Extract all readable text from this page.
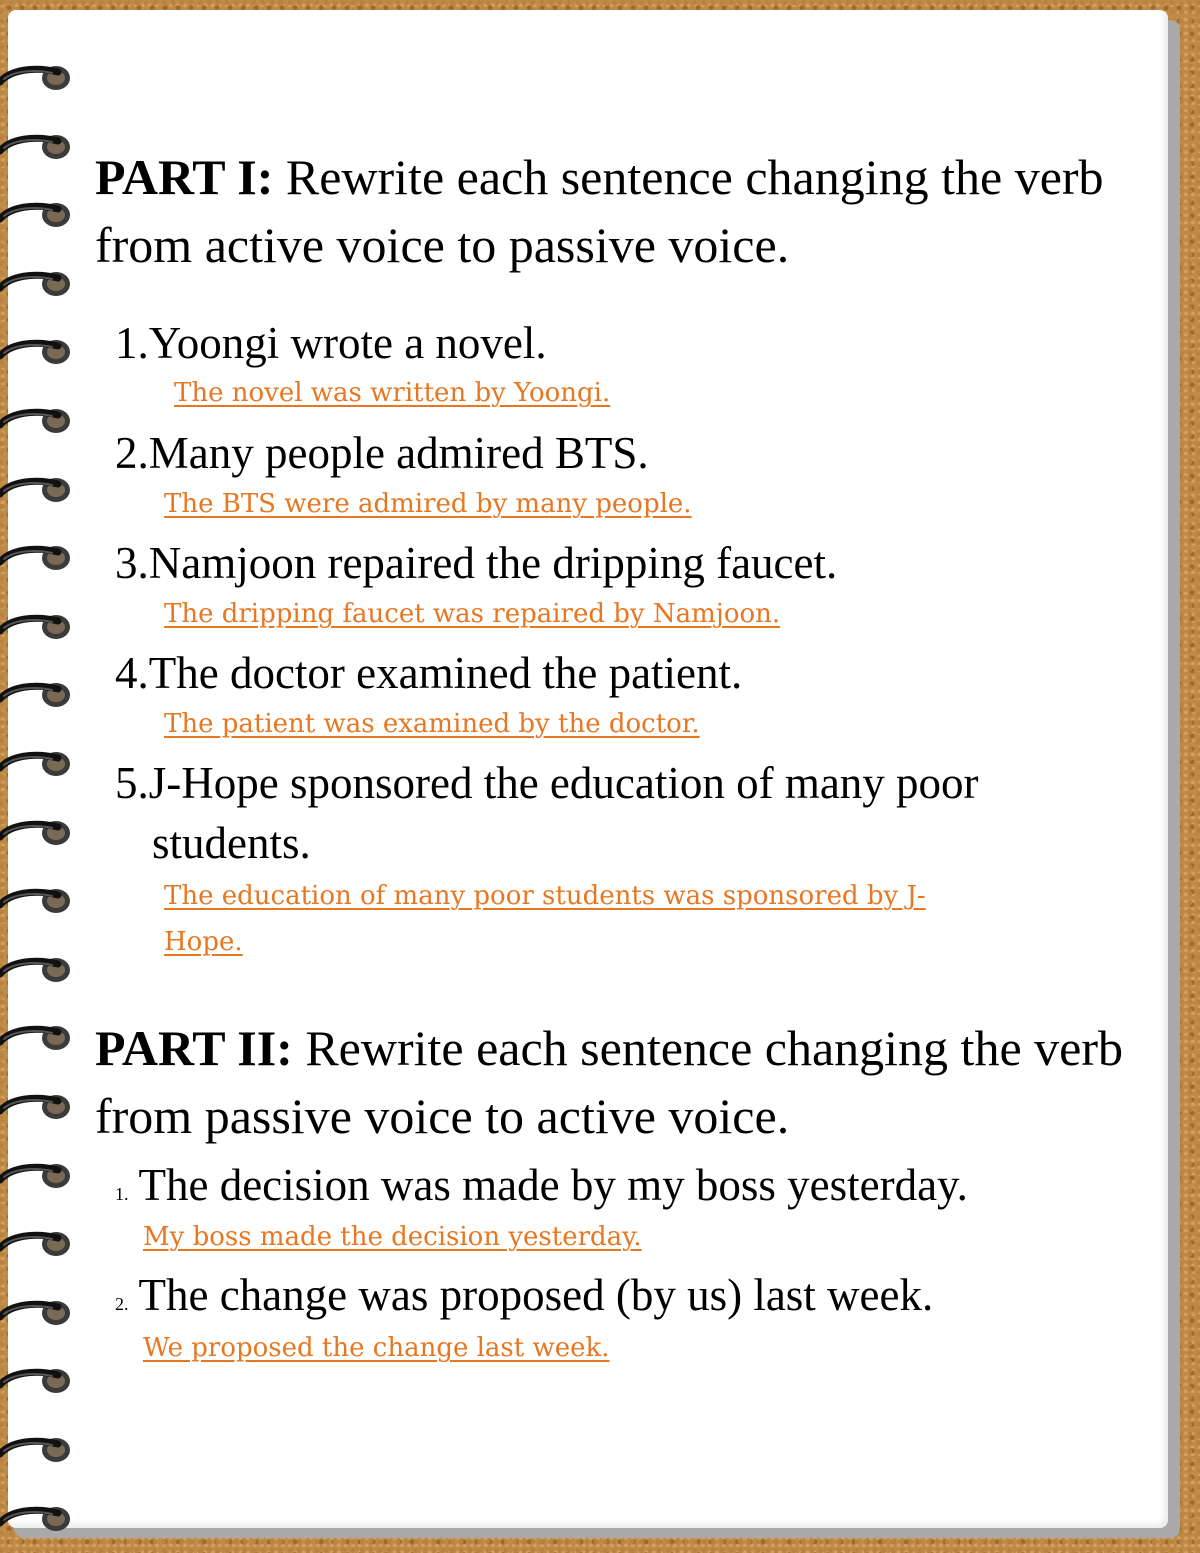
PART I: Rewrite each sentence changing the verb from active voice to passive voice.
1.Yoongi wrote a novel.
The novel was written by Yoongi.
2.Many people admired BTS.
The BTS were admired by many people.
3.Namjoon repaired the dripping faucet.
The dripping faucet was repaired by Namjoon.
4.The doctor examined the patient.
The patient was examined by the doctor.
5.J-Hope sponsored the education of many poor
students.
The education of many poor students was sponsored by J-
Hope.
PART II: Rewrite each sentence changing the verb from passive voice to active voice.
1. The decision was made by my boss yesterday.
My boss made the decision yesterday.
2. The change was proposed (by us) last week.
We proposed the change last week.
